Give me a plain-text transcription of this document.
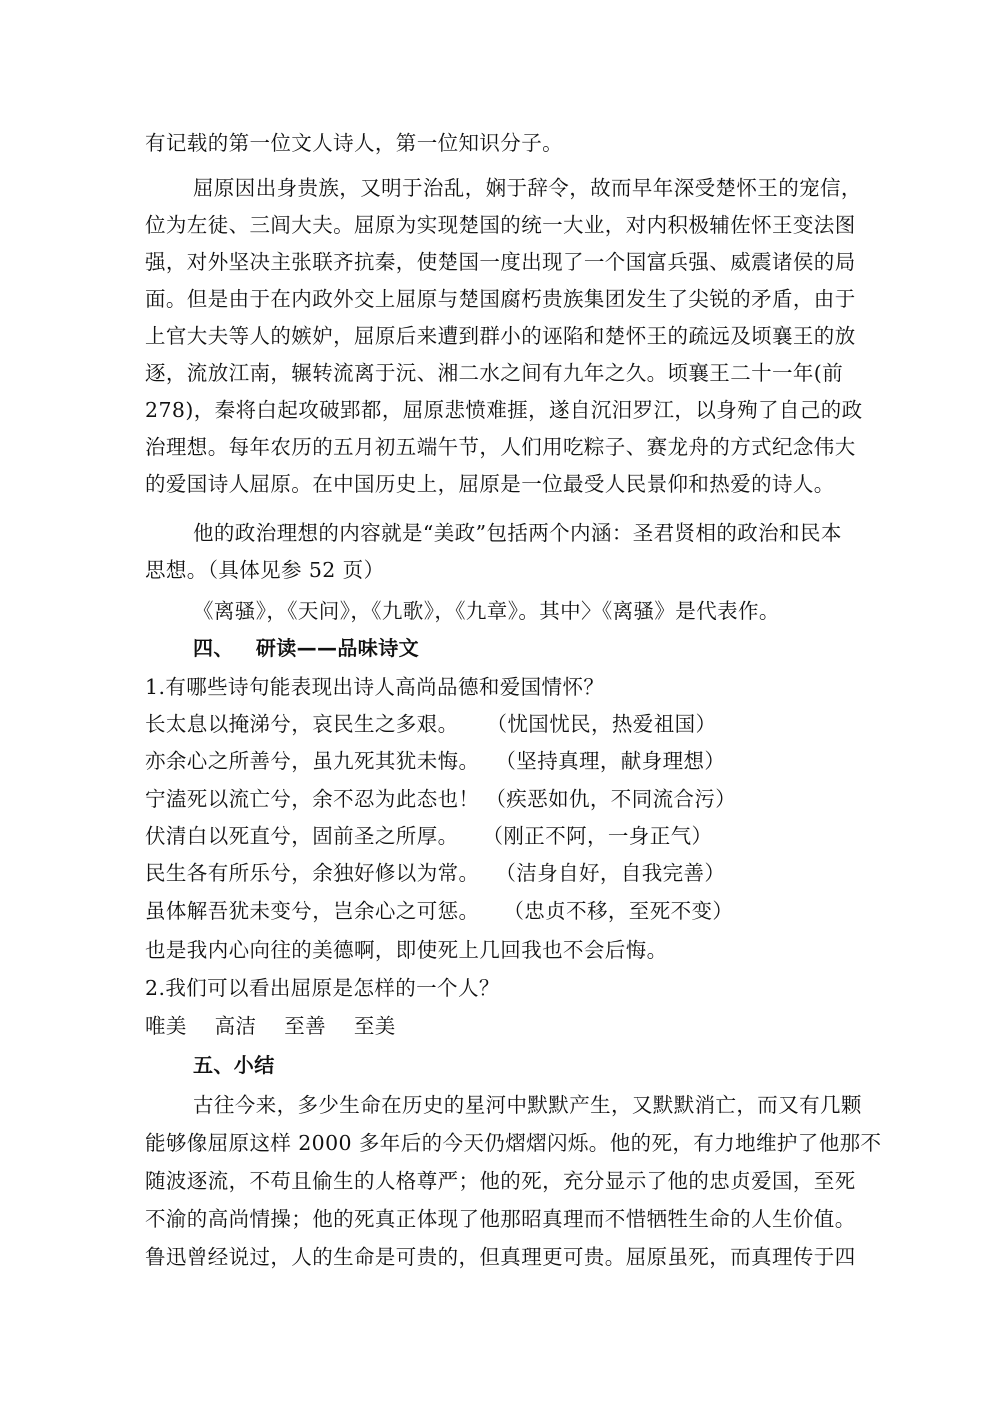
有记载的第一位文人诗人，第一位知识分子。
屈原因出身贵族，又明于治乱，娴于辞令，故而早年深受楚怀王的宠信，
位为左徒、三闾大夫。屈原为实现楚国的统一大业，对内积极辅佐怀王变法图
强，对外坚决主张联齐抗秦，使楚国一度出现了一个国富兵强、威震诸侯的局
面。但是由于在内政外交上屈原与楚国腐朽贵族集团发生了尖锐的矛盾，由于
上官大夫等人的嫉妒，屈原后来遭到群小的诬陷和楚怀王的疏远及顷襄王的放
逐，流放江南，辗转流离于沅、湘二水之间有九年之久。顷襄王二十一年(前
278)，秦将白起攻破郢都，屈原悲愤难捱，遂自沉汨罗江，以身殉了自己的政
治理想。每年农历的五月初五端午节，人们用吃粽子、赛龙舟的方式纪念伟大
的爱国诗人屈原。在中国历史上，屈原是一位最受人民景仰和热爱的诗人。
他的政治理想的内容就是“美政”包括两个内涵：圣君贤相的政治和民本
思想。（具体见参 52 页）
《离骚》，《天问》，《九歌》，《九章》。其中〉《离骚》是代表作。
四、 研读——品味诗文
1.有哪些诗句能表现出诗人高尚品德和爱国情怀？
长太息以掩涕兮，哀民生之多艰。 （忧国忧民，热爱祖国）
亦余心之所善兮，虽九死其犹未悔。 （坚持真理，献身理想）
宁溘死以流亡兮，余不忍为此态也！ （疾恶如仇，不同流合污）
伏清白以死直兮，固前圣之所厚。 （刚正不阿，一身正气）
民生各有所乐兮，余独好修以为常。 （洁身自好，自我完善）
虽体解吾犹未变兮，岂余心之可惩。 （忠贞不移，至死不变）
也是我内心向往的美德啊，即使死上几回我也不会后悔。
2.我们可以看出屈原是怎样的一个人？
唯美　 高洁　 至善　 至美
五、小结
古往今来，多少生命在历史的星河中默默产生，又默默消亡，而又有几颗
能够像屈原这样 2000 多年后的今天仍熠熠闪烁。他的死，有力地维护了他那不
随波逐流，不苟且偷生的人格尊严；他的死，充分显示了他的忠贞爱国，至死
不渝的高尚情操；他的死真正体现了他那昭真理而不惜牺牲生命的人生价值。
鲁迅曾经说过，人的生命是可贵的，但真理更可贵。屈原虽死，而真理传于四
